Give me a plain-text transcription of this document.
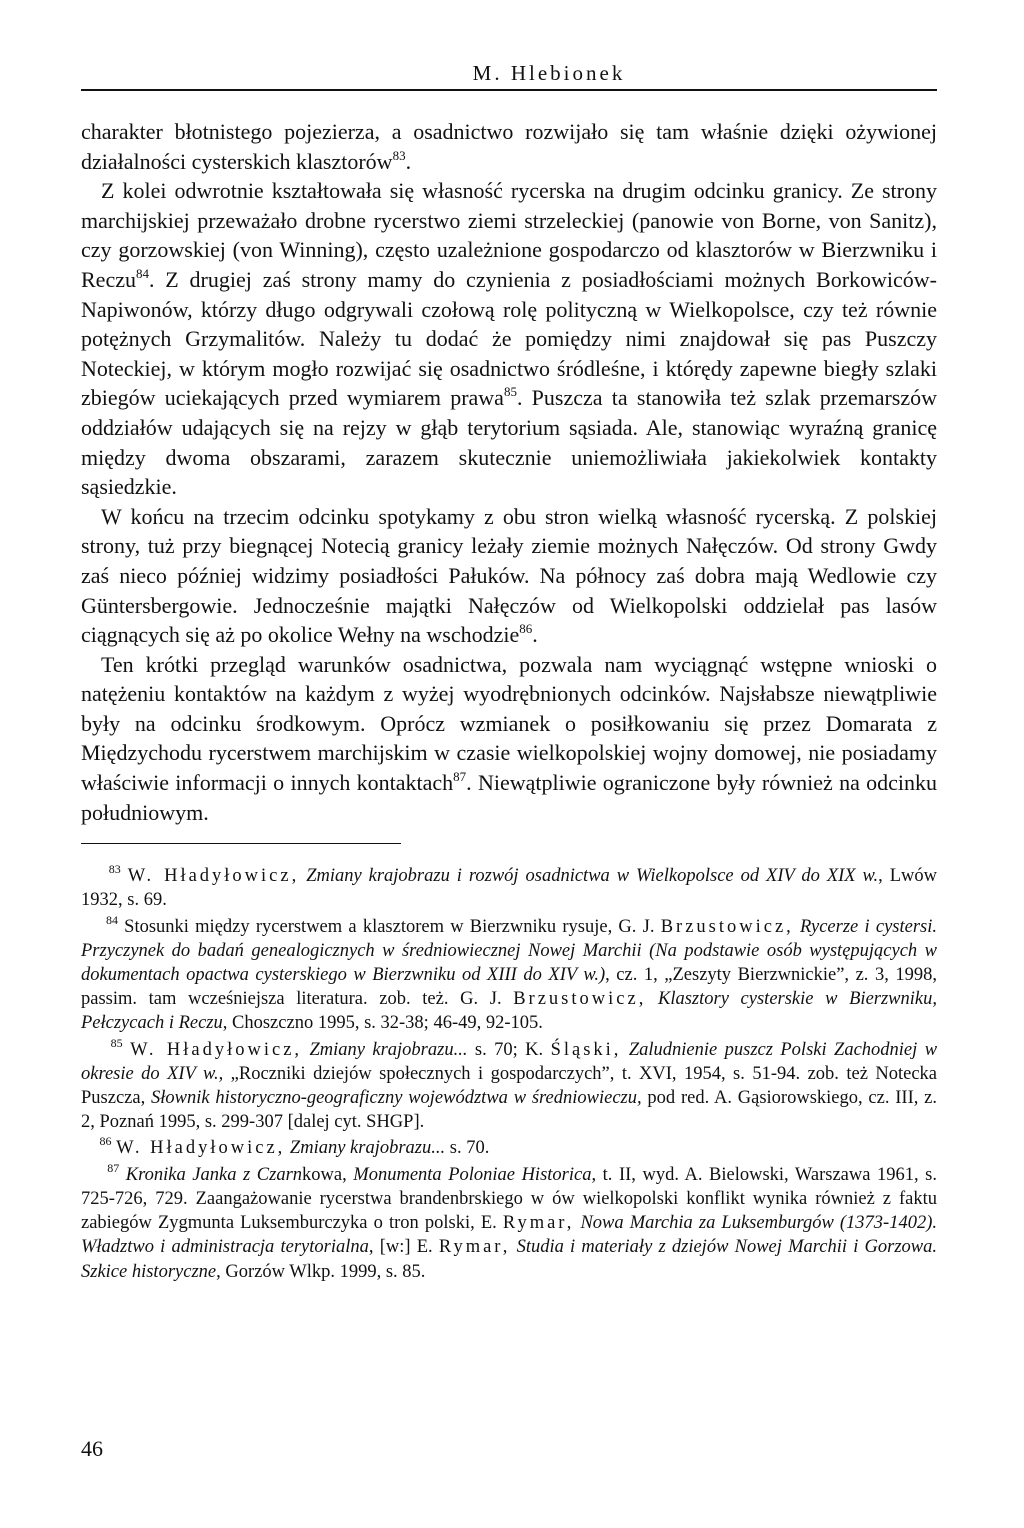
M. Hlebionek

charakter błotnistego pojezierza, a osadnictwo rozwijało się tam właśnie dzięki ożywionej działalności cysterskich klasztorów$^{83}$.

Z kolei odwrotnie kształtowała się własność rycerska na drugim odcinku granicy. Ze strony marchijskiej przeważało drobne rycerstwo ziemi strzeleckiej (panowie von Borne, von Sanitz), czy gorzowskiej (von Winning), często uzależnione gospodarczo od klasztorów w Bierzwniku i Reczu$^{84}$. Z drugiej zaś strony mamy do czynienia z posiadłościami możnych Borkowiców-Napiwonów, którzy długo odgrywali czołową rolę polityczną w Wielkopolsce, czy też równie potężnych Grzymalitów. Należy tu dodać że pomiędzy nimi znajdował się pas Puszczy Noteckiej, w którym mogło rozwijać się osadnictwo śródleśne, i którędy zapewne biegły szlaki zbiegów uciekających przed wymiarem prawa$^{85}$. Puszcza ta stanowiła też szlak przemarszów oddziałów udających się na rejzy w głąb terytorium sąsiada. Ale, stanowiąc wyraźną granicę między dwoma obszarami, zarazem skutecznie uniemożliwiała jakiekolwiek kontakty sąsiedzkie.

W końcu na trzecim odcinku spotykamy z obu stron wielką własność rycerską. Z polskiej strony, tuż przy biegnącej Notecią granicy leżały ziemie możnych Nałęczów. Od strony Gwdy zaś nieco później widzimy posiadłości Pałuków. Na północy zaś dobra mają Wedlowie czy Güntersbergowie. Jednocześnie majątki Nałęczów od Wielkopolski oddzielał pas lasów ciągnących się aż po okolice Wełny na wschodzie$^{86}$.

Ten krótki przegląd warunków osadnictwa, pozwala nam wyciągnąć wstępne wnioski o natężeniu kontaktów na każdym z wyżej wyodrębnionych odcinków. Najsłabsze niewątpliwie były na odcinku środkowym. Oprócz wzmianek o posiłkowaniu się przez Domarata z Międzychodu rycerstwem marchijskim w czasie wielkopolskiej wojny domowej, nie posiadamy właściwie informacji o innych kontaktach$^{87}$. Niewątpliwie ograniczone były również na odcinku południowym.

$^{83}$ W. Hładyłowicz, Zmiany krajobrazu i rozwój osadnictwa w Wielkopolsce od XIV do XIX w., Lwów 1932, s. 69.

$^{84}$ Stosunki między rycerstwem a klasztorem w Bierzwniku rysuje, G. J. Brzustowicz, Rycerze i cystersi. Przyczynek do badań genealogicznych w średniowiecznej Nowej Marchii (Na podstawie osób występujących w dokumentach opactwa cysterskiego w Bierzwniku od XIII do XIV w.), cz. 1, „Zeszyty Bierzwnickie”, z. 3, 1998, passim. tam wcześniejsza literatura. zob. też. G. J. Brzustowicz, Klasztory cysterskie w Bierzwniku, Pełczycach i Reczu, Choszczno 1995, s. 32-38; 46-49, 92-105.

$^{85}$ W. Hładyłowicz, Zmiany krajobrazu... s. 70; K. Śląski, Zaludnienie puszcz Polski Zachodniej w okresie do XIV w., „Roczniki dziejów społecznych i gospodarczych”, t. XVI, 1954, s. 51-94. zob. też Notecka Puszcza, Słownik historyczno-geograficzny województwa w średniowieczu, pod red. A. Gąsiorowskiego, cz. III, z. 2, Poznań 1995, s. 299-307 [dalej cyt. SHGP].

$^{86}$ W. Hładyłowicz, Zmiany krajobrazu... s. 70.

$^{87}$ Kronika Janka z Czarnkowa, Monumenta Poloniae Historica, t. II, wyd. A. Bielowski, Warszawa 1961, s. 725-726, 729. Zaangażowanie rycerstwa brandenbrskiego w ów wielkopolski konflikt wynika również z faktu zabiegów Zygmunta Luksemburczyka o tron polski, E. Rymar, Nowa Marchia za Luksemburgów (1373-1402). Władztwo i administracja terytorialna, [w:] E. Rymar, Studia i materiały z dziejów Nowej Marchii i Gorzowa. Szkice historyczne, Gorzów Wlkp. 1999, s. 85.

46
